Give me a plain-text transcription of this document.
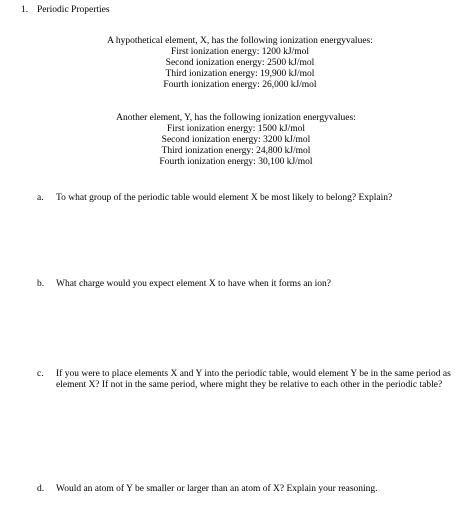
1. Periodic Properties
A hypothetical element, X, has the following ionization energyvalues:
First ionization energy: 1200 kJ/mol
Second ionization energy: 2500 kJ/mol
Third ionization energy: 19,900 kJ/mol
Fourth ionization energy: 26,000 kJ/mol
Another element, Y, has the following ionization energyvalues:
First ionization energy: 1500 kJ/mol
Second ionization energy: 3200 kJ/mol
Third ionization energy: 24,800 kJ/mol
Fourth ionization energy: 30,100 kJ/mol
a. To what group of the periodic table would element X be most likely to belong? Explain?
b. What charge would you expect element X to have when it forms an ion?
c. If you were to place elements X and Y into the periodic table, would element Y be in the same period as element X? If not in the same period, where might they be relative to each other in the periodic table?
d. Would an atom of Y be smaller or larger than an atom of X? Explain your reasoning.
